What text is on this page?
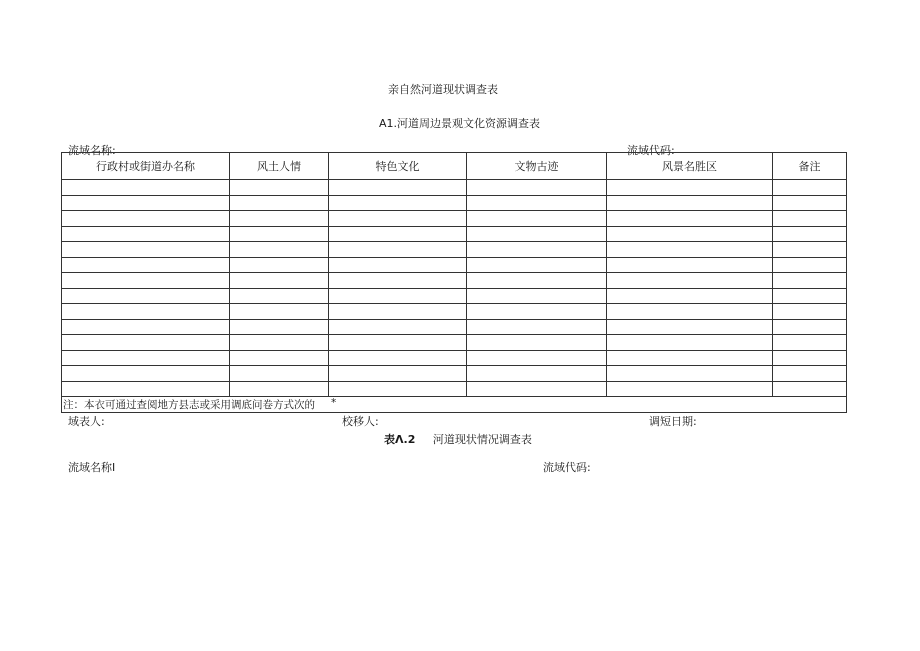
亲自然河道现状调查表
A1.河道周边景观文化资源调查表
流域名称:	流域代码:
行政村或街道办名称	风土人情	特色文化	文物古迹	风景名胜区	备注

注：本衣可通过查阅地方县志或采用调底问卷方式次的 *					
域表人:	校移人:	调短日期:
表Λ.2 河道现状情况调查表
流域名称I	流域代码:
